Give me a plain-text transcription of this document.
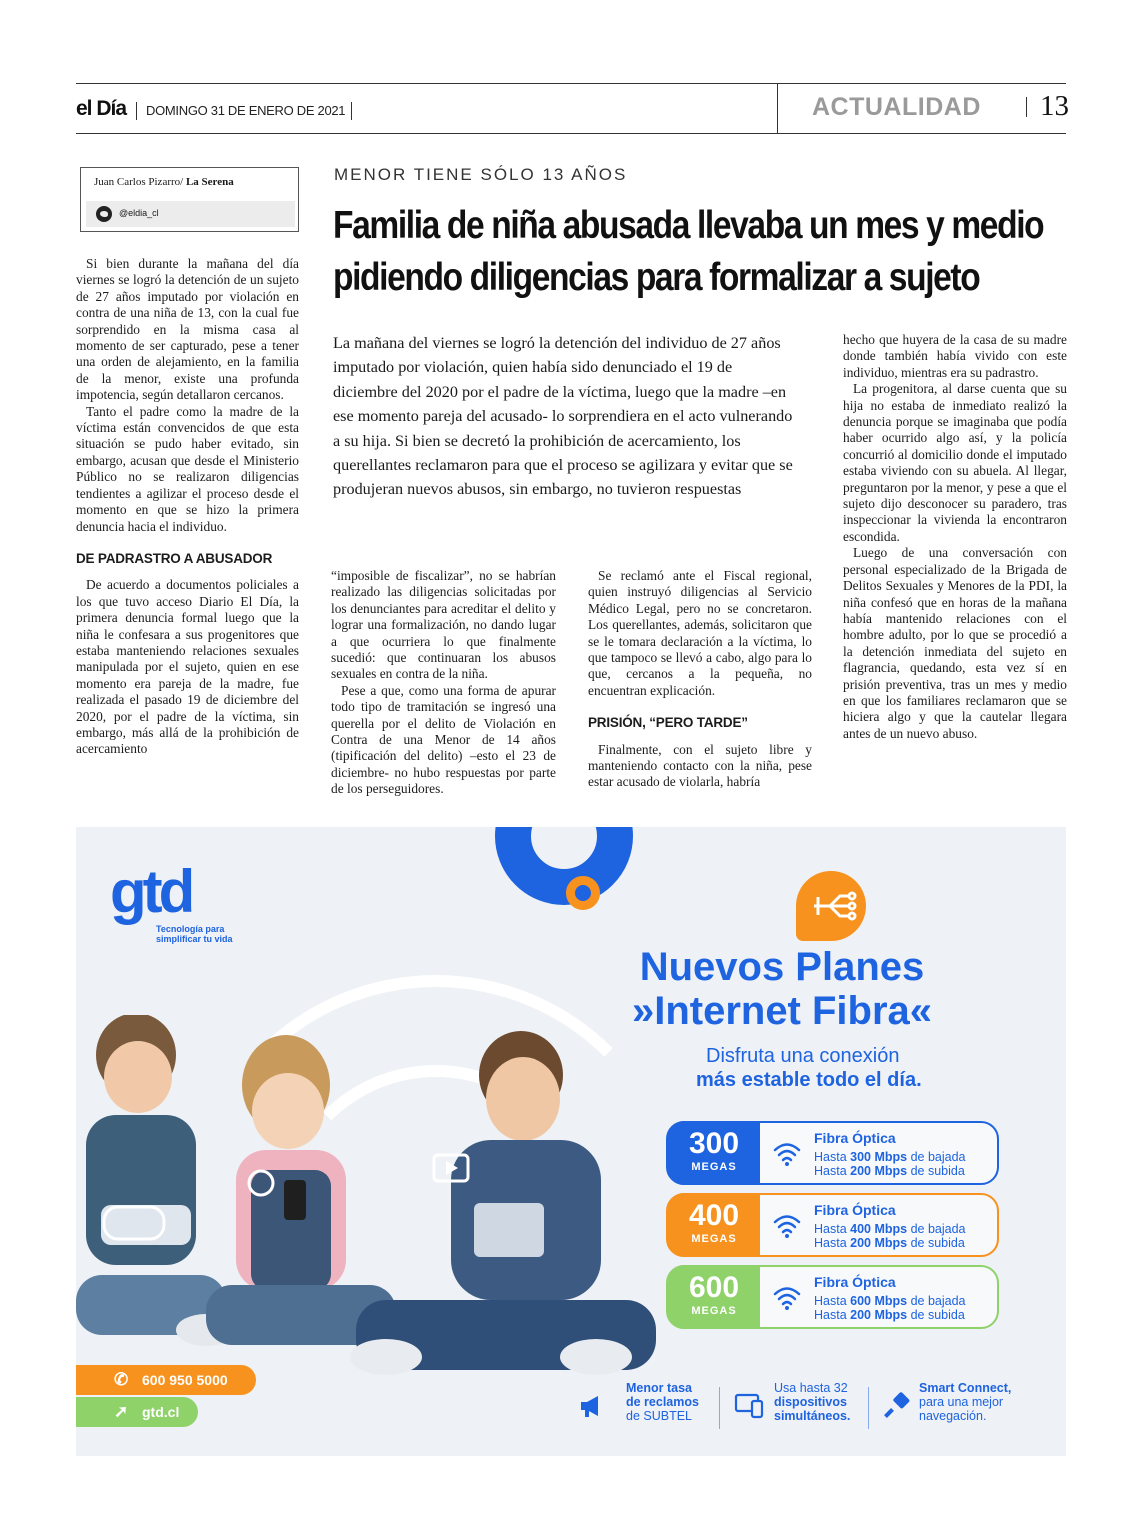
el Día DOMINGO 31 DE ENERO DE 2021	ACTUALIDAD 13
Juan Carlos Pizarro/ La Serena
@eldia_cl
MENOR TIENE SÓLO 13 AÑOS
Familia de niña abusada llevaba un mes y medio
pidiendo diligencias para formalizar a sujeto
La mañana del viernes se logró la detención del individuo de 27 años imputado por violación, quien había sido denunciado el 19 de diciembre del 2020 por el padre de la víctima, luego que la madre –en ese momento pareja del acusado- lo sorprendiera en el acto vulnerando a su hija. Si bien se decretó la prohibición de acercamiento, los querellantes reclamaron para que el proceso se agilizara y evitar que se produjeran nuevos abusos, sin embargo, no tuvieron respuestas

Si bien durante la mañana del día viernes se logró la detención de un sujeto de 27 años imputado por violación en contra de una niña de 13, con la cual fue sorprendido en la misma casa al momento de ser capturado, pese a tener una orden de alejamiento, en la familia de la menor, existe una profunda impotencia, según detallaron cercanos.

Tanto el padre como la madre de la víctima están convencidos de que esta situación se pudo haber evitado, sin embargo, acusan que desde el Ministerio Público no se realizaron diligencias tendientes a agilizar el proceso desde el momento en que se hizo la primera denuncia hacia el individuo.

DE PADRASTRO A ABUSADOR

De acuerdo a documentos policiales a los que tuvo acceso Diario El Día, la primera denuncia formal luego que la niña le confesara a sus progenitores que estaba manteniendo relaciones sexuales manipulada por el sujeto, quien en ese momento era pareja de la madre, fue realizada el pasado 19 de diciembre del 2020, por el padre de la víctima, sin embargo, más allá de la prohibición de acercamiento

“imposible de fiscalizar”, no se habrían realizado las diligencias solicitadas por los denunciantes para acreditar el delito y lograr una formalización, no dando lugar a que ocurriera lo que finalmente sucedió: que continuaran los abusos sexuales en contra de la niña.

Pese a que, como una forma de apurar todo tipo de tramitación se ingresó una querella por el delito de Violación en Contra de una Menor de 14 años (tipificación del delito) –esto el 23 de diciembre- no hubo respuestas por parte de los perseguidores.

Se reclamó ante el Fiscal regional, quien instruyó diligencias al Servicio Médico Legal, pero no se concretaron. Los querellantes, además, solicitaron que se le tomara declaración a la víctima, lo que tampoco se llevó a cabo, algo para lo que, cercanos a la pequeña, no encuentran explicación.

PRISIÓN, “PERO TARDE”

Finalmente, con el sujeto libre y manteniendo contacto con la niña, pese estar acusado de violarla, habría

hecho que huyera de la casa de su madre donde también había vivido con este individuo, mientras era su padrastro.

La progenitora, al darse cuenta que su hija no estaba de inmediato realizó la denuncia porque se imaginaba que podía haber ocurrido algo así, y la policía concurrió al domicilio donde el imputado estaba viviendo con su abuela. Al llegar, preguntaron por la menor, y pese a que el sujeto dijo desconocer su paradero, tras inspeccionar la vivienda la encontraron escondida.

Luego de una conversación con personal especializado de la Brigada de Delitos Sexuales y Menores de la PDI, la niña confesó que en horas de la mañana había mantenido relaciones con el hombre adulto, por lo que se procedió a la detención inmediata del sujeto en flagrancia, quedando, esta vez sí en prisión preventiva, tras un mes y medio en que los familiares reclamaron que se hiciera algo y que la cautelar llegara antes de un nuevo abuso.

gtd
Tecnología para
simplificar tu vida
Nuevos Planes
»Internet Fibra«
Disfruta una conexión
más estable todo el día.
300
MEGAS
Fibra Óptica
Hasta 300 Mbps de bajada
Hasta 200 Mbps de subida
400
MEGAS
Fibra Óptica
Hasta 400 Mbps de bajada
Hasta 200 Mbps de subida
600
MEGAS
Fibra Óptica
Hasta 600 Mbps de bajada
Hasta 200 Mbps de subida
✆ 600 950 5000
➚ gtd.cl
Menor tasa
de reclamos
de SUBTEL
Usa hasta 32
dispositivos
simultáneos.
Smart Connect,
para una mejor
navegación.
